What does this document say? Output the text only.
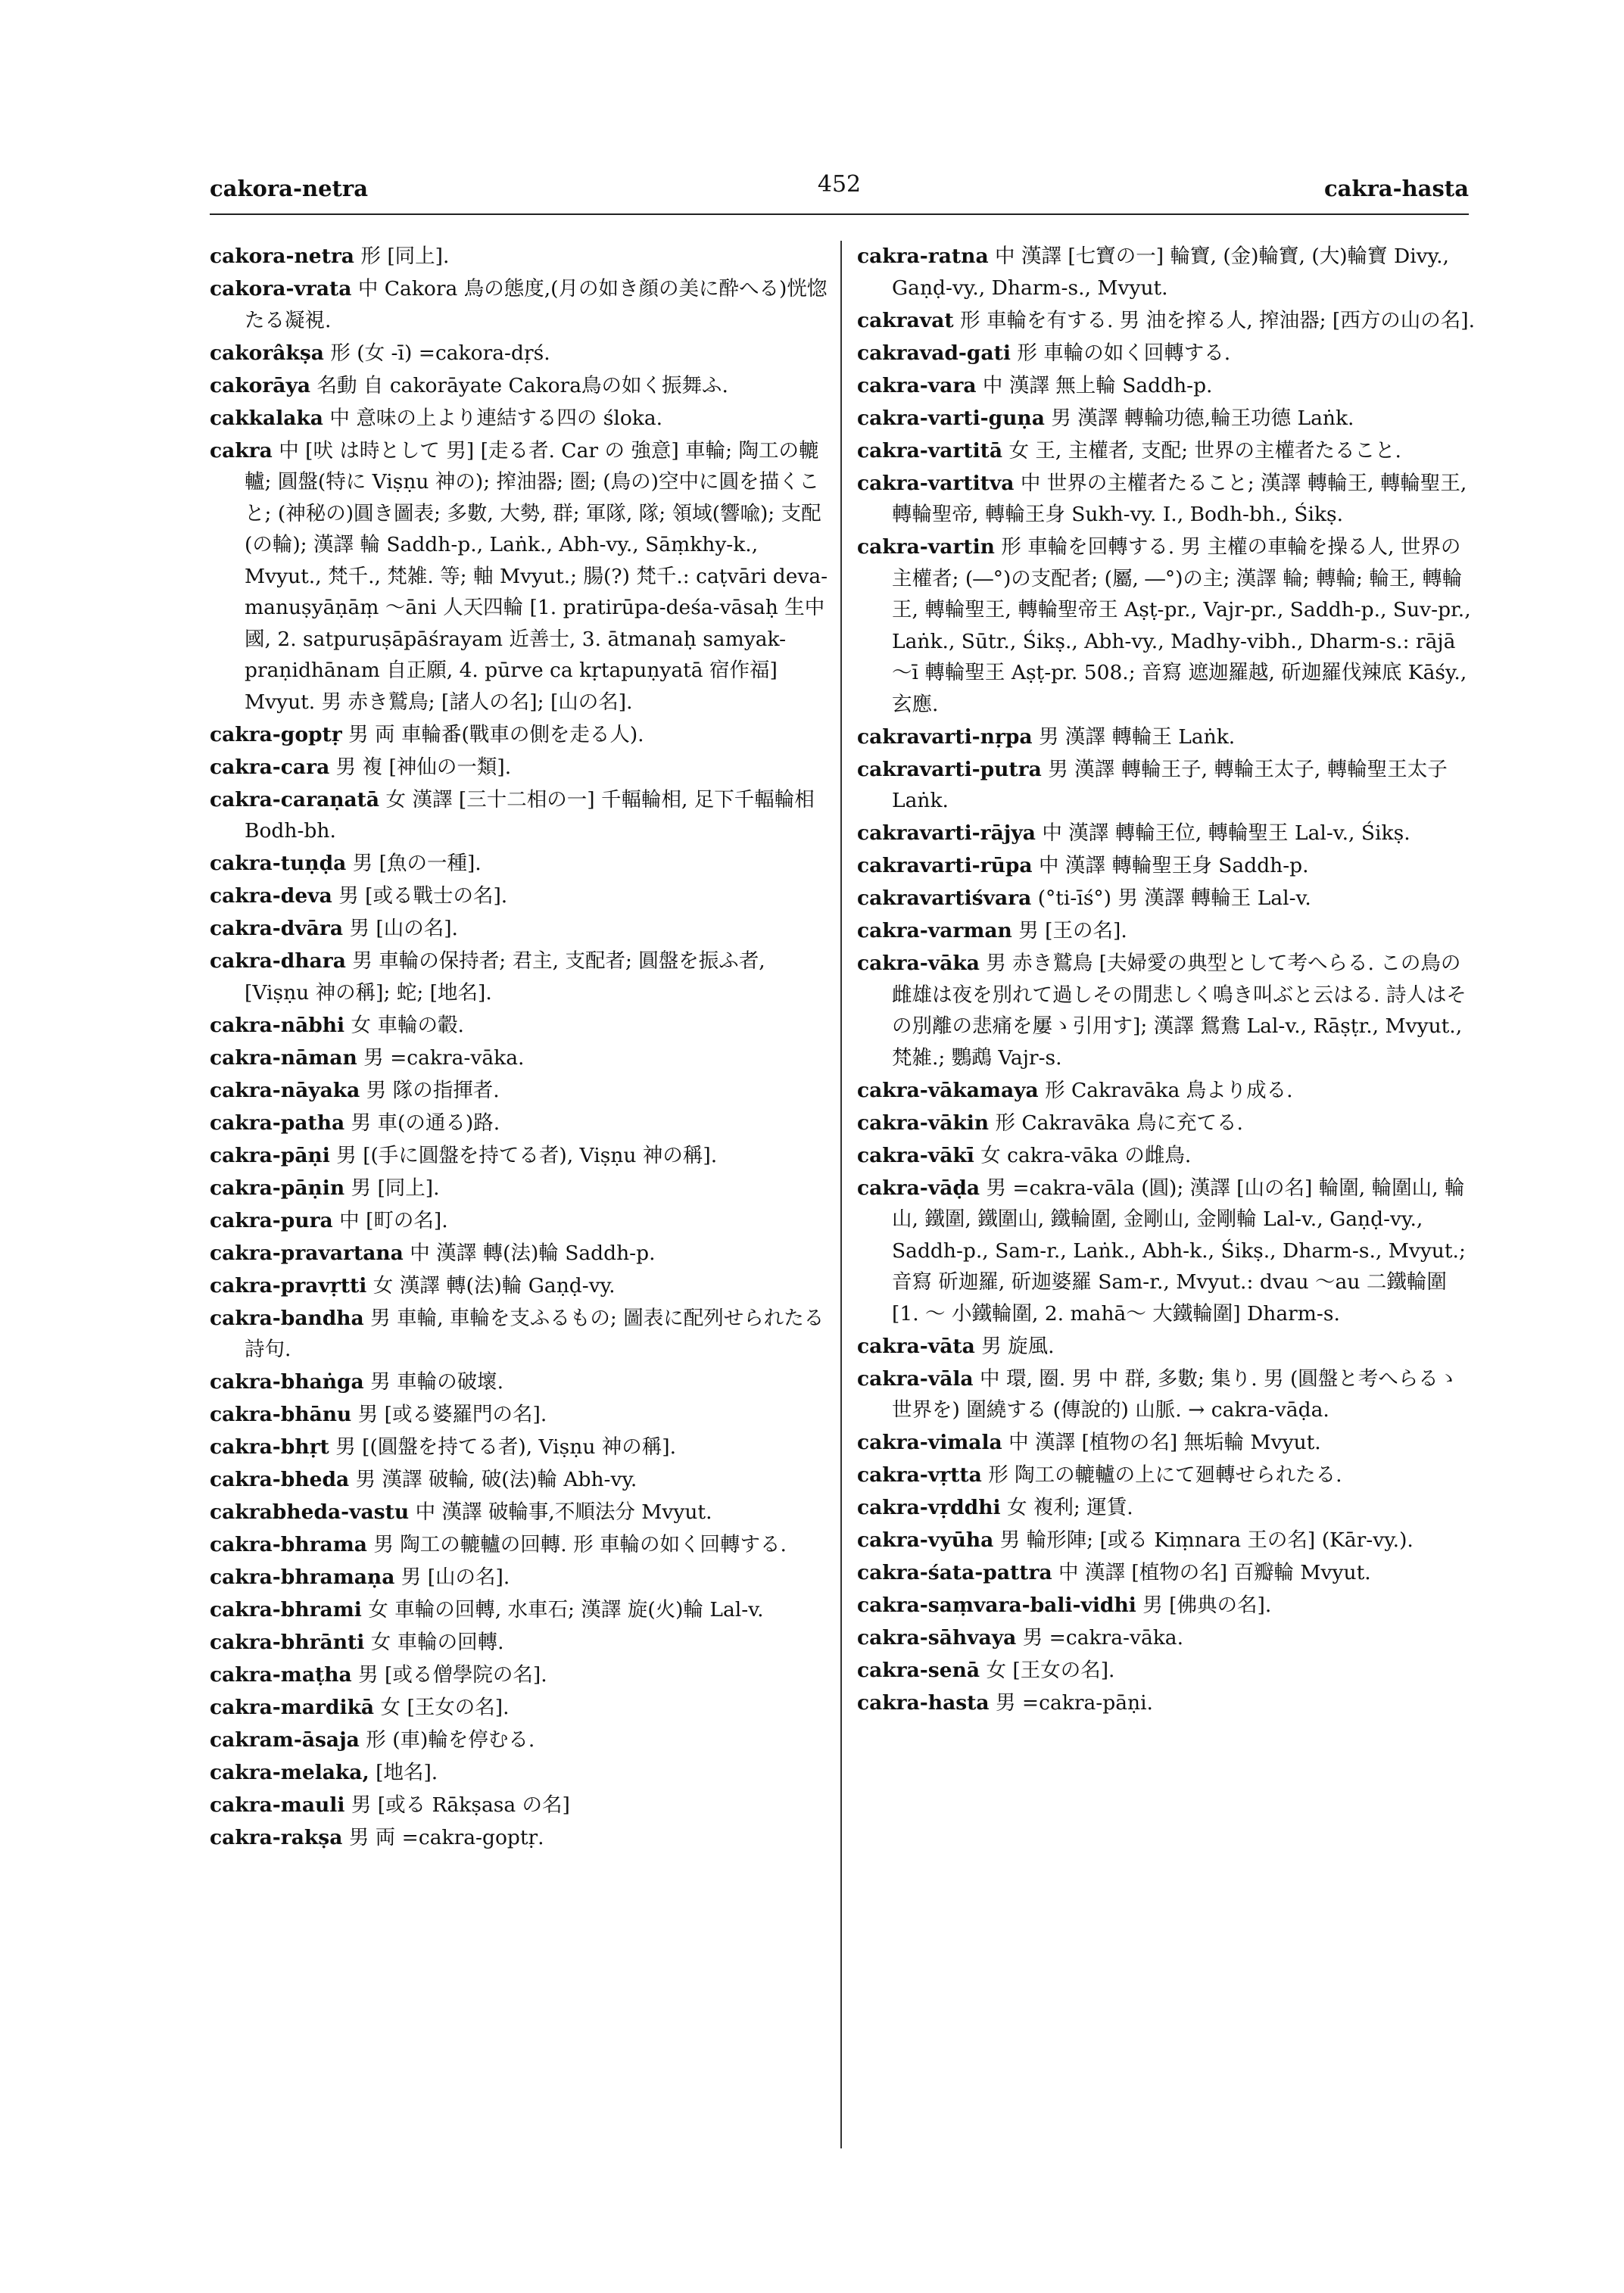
cakora-netra	452	cakra-hasta
cakora-netra 形 [同上].
cakora-vrata 中 Cakora 鳥の態度,(月の如き顔の美に酔へる)恍惚たる凝視.
cakorâkṣa 形 (女 -ī) =cakora-dṛś.
cakorāya 名動 自 cakorāyate Cakora鳥の如く振舞ふ.
cakkalaka 中 意味の上より連結する四の śloka.
cakra 中 [吠 は時として 男] [走る者. Car の 強意] 車輪; 陶工の轆轤; 圓盤(特に Viṣṇu 神の); 搾油器; 圏; (鳥の)空中に圓を描くこと; (神秘の)圓き圖表; 多數, 大勢, 群; 軍隊, 隊; 領域(響喩); 支配(の輪); 漢譯 輪 Saddh-p., Laṅk., Abh-vy., Sāṃkhy-k., Mvyut., 梵千., 梵雑. 等; 軸 Mvyut.; 腸(?) 梵千.: caṭvāri deva-manuṣyāṇāṃ ～āni 人天四輪 [1. pratirūpa-deśa-vāsaḥ 生中國, 2. satpuruṣāpāśrayam 近善士, 3. ātmanaḥ samyak-praṇidhānam 自正願, 4. pūrve ca kṛtapuṇyatā 宿作福] Mvyut. 男 赤き鷲鳥; [諸人の名]; [山の名].
cakra-goptṛ 男 両 車輪番(戰車の側を走る人).
cakra-cara 男 複 [神仙の一類].
cakra-caraṇatā 女 漢譯 [三十二相の一] 千輻輪相, 足下千輻輪相 Bodh-bh.
cakra-tuṇḍa 男 [魚の一種].
cakra-deva 男 [或る戰士の名].
cakra-dvāra 男 [山の名].
cakra-dhara 男 車輪の保持者; 君主, 支配者; 圓盤を振ふ者, [Viṣṇu 神の稱]; 蛇; [地名].
cakra-nābhi 女 車輪の轂.
cakra-nāman 男 =cakra-vāka.
cakra-nāyaka 男 隊の指揮者.
cakra-patha 男 車(の通る)路.
cakra-pāṇi 男 [(手に圓盤を持てる者), Viṣṇu 神の稱].
cakra-pāṇin 男 [同上].
cakra-pura 中 [町の名].
cakra-pravartana 中 漢譯 轉(法)輪 Saddh-p.
cakra-pravṛtti 女 漢譯 轉(法)輪 Gaṇḍ-vy.
cakra-bandha 男 車輪, 車輪を支ふるもの; 圖表に配列せられたる詩句.
cakra-bhaṅga 男 車輪の破壞.
cakra-bhānu 男 [或る婆羅門の名].
cakra-bhṛt 男 [(圓盤を持てる者), Viṣṇu 神の稱].
cakra-bheda 男 漢譯 破輪, 破(法)輪 Abh-vy.
cakrabheda-vastu 中 漢譯 破輪事,不順法分 Mvyut.
cakra-bhrama 男 陶工の轆轤の回轉. 形 車輪の如く回轉する.
cakra-bhramaṇa 男 [山の名].
cakra-bhrami 女 車輪の回轉, 水車石; 漢譯 旋(火)輪 Lal-v.
cakra-bhrānti 女 車輪の回轉.
cakra-maṭha 男 [或る僧學院の名].
cakra-mardikā 女 [王女の名].
cakram-āsaja 形 (車)輪を停むる.
cakra-melaka, [地名].
cakra-mauli 男 [或る Rākṣasa の名]
cakra-rakṣa 男 両 =cakra-goptṛ.
cakra-ratna 中 漢譯 [七寶の一] 輪寶, (金)輪寶, (大)輪寶 Divy., Gaṇḍ-vy., Dharm-s., Mvyut.
cakravat 形 車輪を有する. 男 油を搾る人, 搾油器; [西方の山の名].
cakravad-gati 形 車輪の如く回轉する.
cakra-vara 中 漢譯 無上輪 Saddh-p.
cakra-varti-guṇa 男 漢譯 轉輪功德,輪王功德 Laṅk.
cakra-vartitā 女 王, 主權者, 支配; 世界の主權者たること.
cakra-vartitva 中 世界の主權者たること; 漢譯 轉輪王, 轉輪聖王, 轉輪聖帝, 轉輪王身 Sukh-vy. I., Bodh-bh., Śikṣ.
cakra-vartin 形 車輪を回轉する. 男 主權の車輪を操る人, 世界の主權者; (―°)の支配者; (屬, ―°)の主; 漢譯 輪; 轉輪; 輪王, 轉輪王, 轉輪聖王, 轉輪聖帝王 Aṣṭ-pr., Vajr-pr., Saddh-p., Suv-pr., Laṅk., Sūtr., Śikṣ., Abh-vy., Madhy-vibh., Dharm-s.: rājā ～ī 轉輪聖王 Aṣṭ-pr. 508.; 音寫 遮迦羅越, 斫迦羅伐辣底 Kāśy., 玄應.
cakravarti-nṛpa 男 漢譯 轉輪王 Laṅk.
cakravarti-putra 男 漢譯 轉輪王子, 轉輪王太子, 轉輪聖王太子 Laṅk.
cakravarti-rājya 中 漢譯 轉輪王位, 轉輪聖王 Lal-v., Śikṣ.
cakravarti-rūpa 中 漢譯 轉輪聖王身 Saddh-p.
cakravartiśvara (°ti-īś°) 男 漢譯 轉輪王 Lal-v.
cakra-varman 男 [王の名].
cakra-vāka 男 赤き鷲鳥 [夫婦愛の典型として考へらる. この鳥の雌雄は夜を別れて過しその閒悲しく鳴き叫ぶと云はる. 詩人はその別離の悲痛を屢ゝ引用す]; 漢譯 鴛鴦 Lal-v., Rāṣṭr., Mvyut., 梵雑.; 鸚鵡 Vajr-s.
cakra-vākamaya 形 Cakravāka 鳥より成る.
cakra-vākin 形 Cakravāka 鳥に充てる.
cakra-vākī 女 cakra-vāka の雌鳥.
cakra-vāḍa 男 =cakra-vāla (圓); 漢譯 [山の名] 輪圍, 輪圍山, 輪山, 鐵圍, 鐵圍山, 鐵輪圍, 金剛山, 金剛輪 Lal-v., Gaṇḍ-vy., Saddh-p., Sam-r., Laṅk., Abh-k., Śikṣ., Dharm-s., Mvyut.; 音寫 斫迦羅, 斫迦婆羅 Sam-r., Mvyut.: dvau ～au 二鐵輪圍 [1. ～ 小鐵輪圍, 2. mahā～ 大鐵輪圍] Dharm-s.
cakra-vāta 男 旋風.
cakra-vāla 中 環, 圈. 男 中 群, 多數; 集り. 男 (圓盤と考へらるゝ世界を) 圍繞する (傳說的) 山脈. → cakra-vāḍa.
cakra-vimala 中 漢譯 [植物の名] 無垢輪 Mvyut.
cakra-vṛtta 形 陶工の轆轤の上にて廻轉せられたる.
cakra-vṛddhi 女 複利; 運賃.
cakra-vyūha 男 輪形陣; [或る Kiṃnara 王の名] (Kār-vy.).
cakra-śata-pattra 中 漢譯 [植物の名] 百瓣輪 Mvyut.
cakra-saṃvara-bali-vidhi 男 [佛典の名].
cakra-sāhvaya 男 =cakra-vāka.
cakra-senā 女 [王女の名].
cakra-hasta 男 =cakra-pāṇi.
